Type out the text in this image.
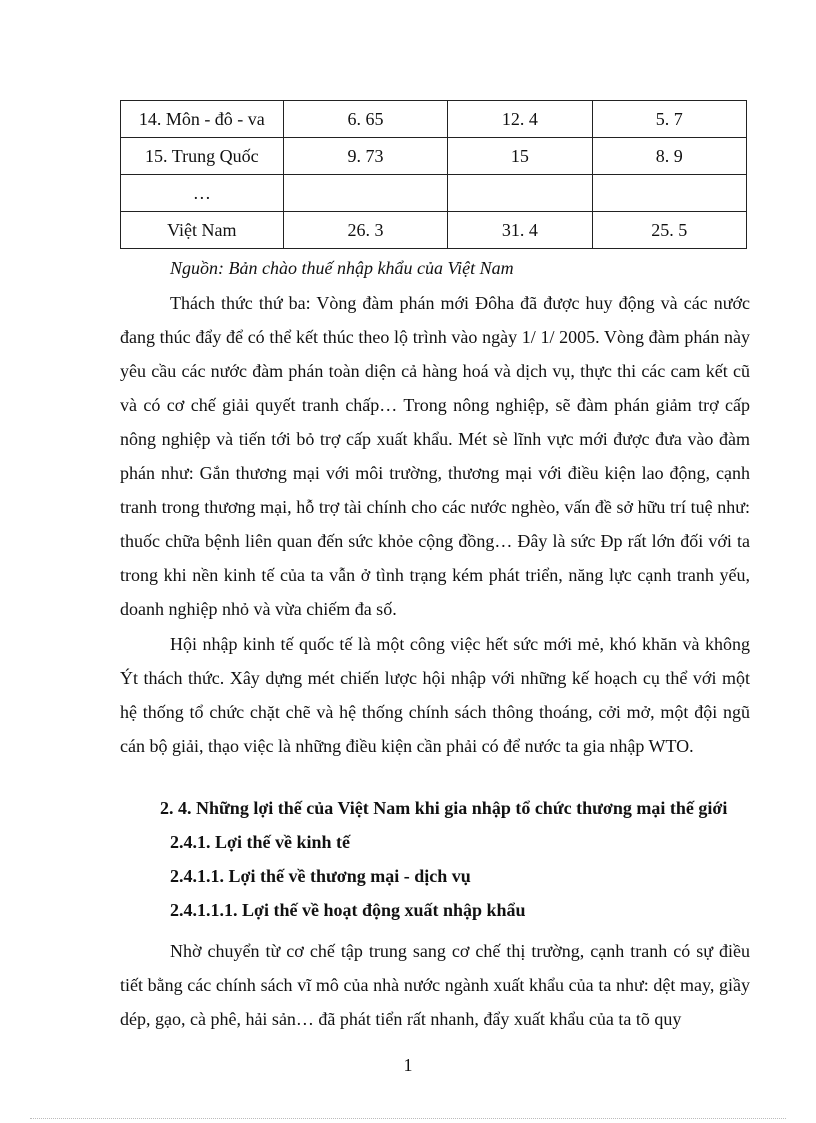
14. Môn - đô - va	6. 65	12. 4	5. 7
15. Trung Quốc	9. 73	15	8. 9
…			
Việt Nam	26. 3	31. 4	25. 5
Nguồn: Bản chào thuế nhập khẩu của Việt Nam

Thách thức thứ ba: Vòng đàm phán mới Đôha đã được huy động và các nước đang thúc đẩy để có thể kết thúc theo lộ trình vào ngày 1/ 1/ 2005. Vòng đàm phán này yêu cầu các nước đàm phán toàn diện cả hàng hoá và dịch vụ, thực thi các cam kết cũ và có cơ chế giải quyết tranh chấp… Trong nông nghiệp, sẽ đàm phán giảm trợ cấp nông nghiệp và tiến tới bỏ trợ cấp xuất khẩu. Mét sè lĩnh vực mới được đưa vào đàm phán như: Gắn thương mại với môi trường, thương mại với điều kiện lao động, cạnh tranh trong thương mại, hỗ trợ tài chính cho các nước nghèo, vấn đề sở hữu trí tuệ như: thuốc chữa bệnh liên quan đến sức khỏe cộng đồng… Đây là sức Ðp rất lớn đối với ta trong khi nền kinh tế của ta vẫn ở tình trạng kém phát triển, năng lực cạnh tranh yếu, doanh nghiệp nhỏ và vừa chiếm đa số.

Hội nhập kinh tế quốc tế là một công việc hết sức mới mẻ, khó khăn và không Ýt thách thức. Xây dựng mét chiến lược hội nhập với những kế hoạch cụ thể với một hệ thống tổ chức chặt chẽ và hệ thống chính sách thông thoáng, cởi mở, một đội ngũ cán bộ giải, thạo việc là những điều kiện cần phải có để nước ta gia nhập WTO.

2. 4. Những lợi thế của Việt Nam khi gia nhập tổ chức thương mại thế giới
2.4.1. Lợi thế về kinh tế
2.4.1.1. Lợi thế về thương mại - dịch vụ
2.4.1.1.1. Lợi thế về hoạt động xuất nhập khẩu

Nhờ chuyển từ cơ chế tập trung sang cơ chế thị trường, cạnh tranh có sự điều tiết bằng các chính sách vĩ mô của nhà nước ngành xuất khẩu của ta như: dệt may, giầy dép, gạo, cà phê, hải sản… đã phát tiển rất nhanh, đẩy xuất khẩu của ta tõ quy

1
